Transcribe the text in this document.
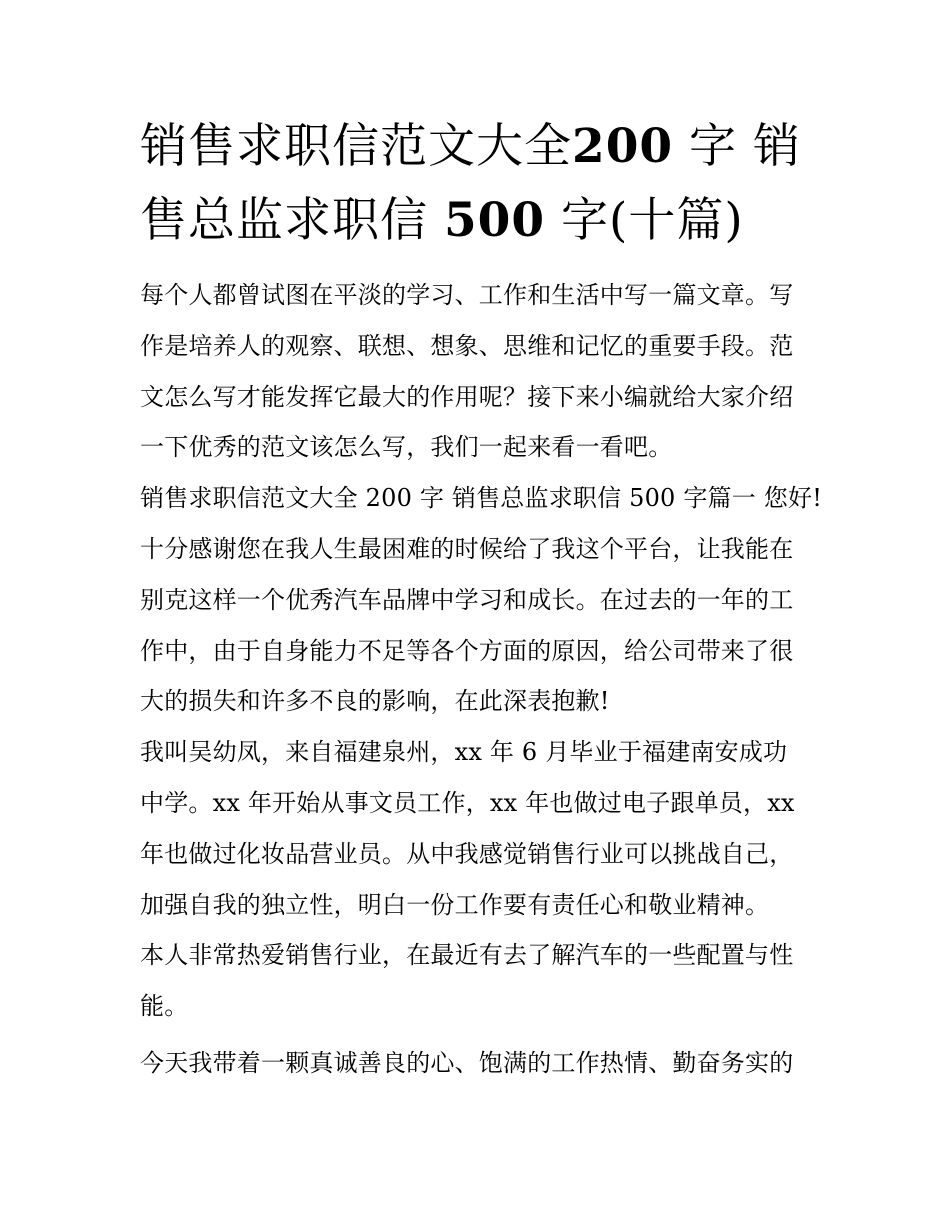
销售求职信范文大全200 字 销
售总监求职信 500 字(十篇)
每个人都曾试图在平淡的学习、工作和生活中写一篇文章。写
作是培养人的观察、联想、想象、思维和记忆的重要手段。范
文怎么写才能发挥它最大的作用呢？接下来小编就给大家介绍
一下优秀的范文该怎么写，我们一起来看一看吧。
销售求职信范文大全 200 字 销售总监求职信 500 字篇一 您好!
十分感谢您在我人生最困难的时候给了我这个平台，让我能在
别克这样一个优秀汽车品牌中学习和成长。在过去的一年的工
作中，由于自身能力不足等各个方面的原因，给公司带来了很
大的损失和许多不良的影响，在此深表抱歉!
我叫吴幼凤，来自福建泉州，xx 年 6 月毕业于福建南安成功
中学。xx 年开始从事文员工作，xx 年也做过电子跟单员，xx
年也做过化妆品营业员。从中我感觉销售行业可以挑战自己，
加强自我的独立性，明白一份工作要有责任心和敬业精神。
本人非常热爱销售行业，在最近有去了解汽车的一些配置与性
能。
今天我带着一颗真诚善良的心、饱满的工作热情、勤奋务实的
